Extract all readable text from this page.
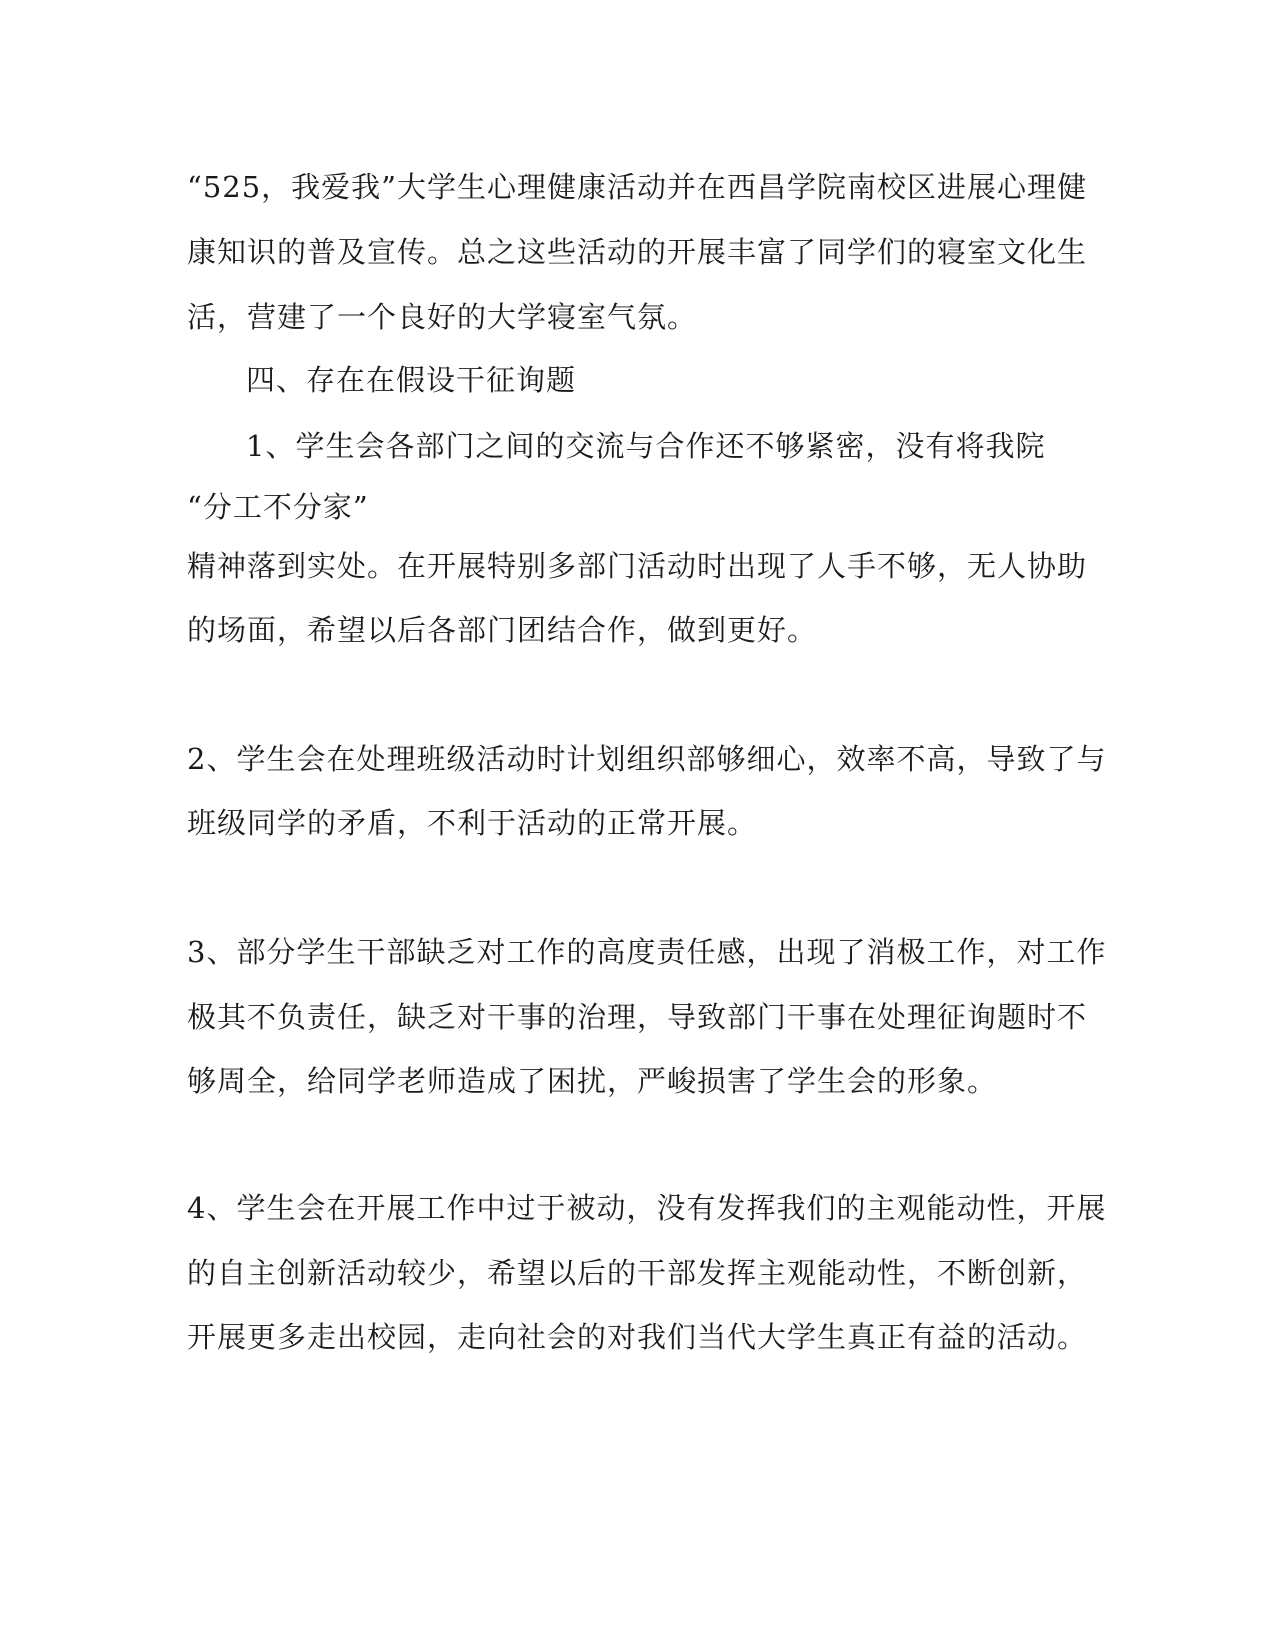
“525，我爱我”大学生心理健康活动并在西昌学院南校区进展心理健
康知识的普及宣传。总之这些活动的开展丰富了同学们的寝室文化生
活，营建了一个良好的大学寝室气氛。
四、存在在假设干征询题
1、学生会各部门之间的交流与合作还不够紧密，没有将我院
“分工不分家”
精神落到实处。在开展特别多部门活动时出现了人手不够，无人协助
的场面，希望以后各部门团结合作，做到更好。
2、学生会在处理班级活动时计划组织部够细心，效率不高，导致了与
班级同学的矛盾，不利于活动的正常开展。
3、部分学生干部缺乏对工作的高度责任感，出现了消极工作，对工作
极其不负责任，缺乏对干事的治理，导致部门干事在处理征询题时不
够周全，给同学老师造成了困扰，严峻损害了学生会的形象。
4、学生会在开展工作中过于被动，没有发挥我们的主观能动性，开展
的自主创新活动较少，希望以后的干部发挥主观能动性，不断创新，
开展更多走出校园，走向社会的对我们当代大学生真正有益的活动。
